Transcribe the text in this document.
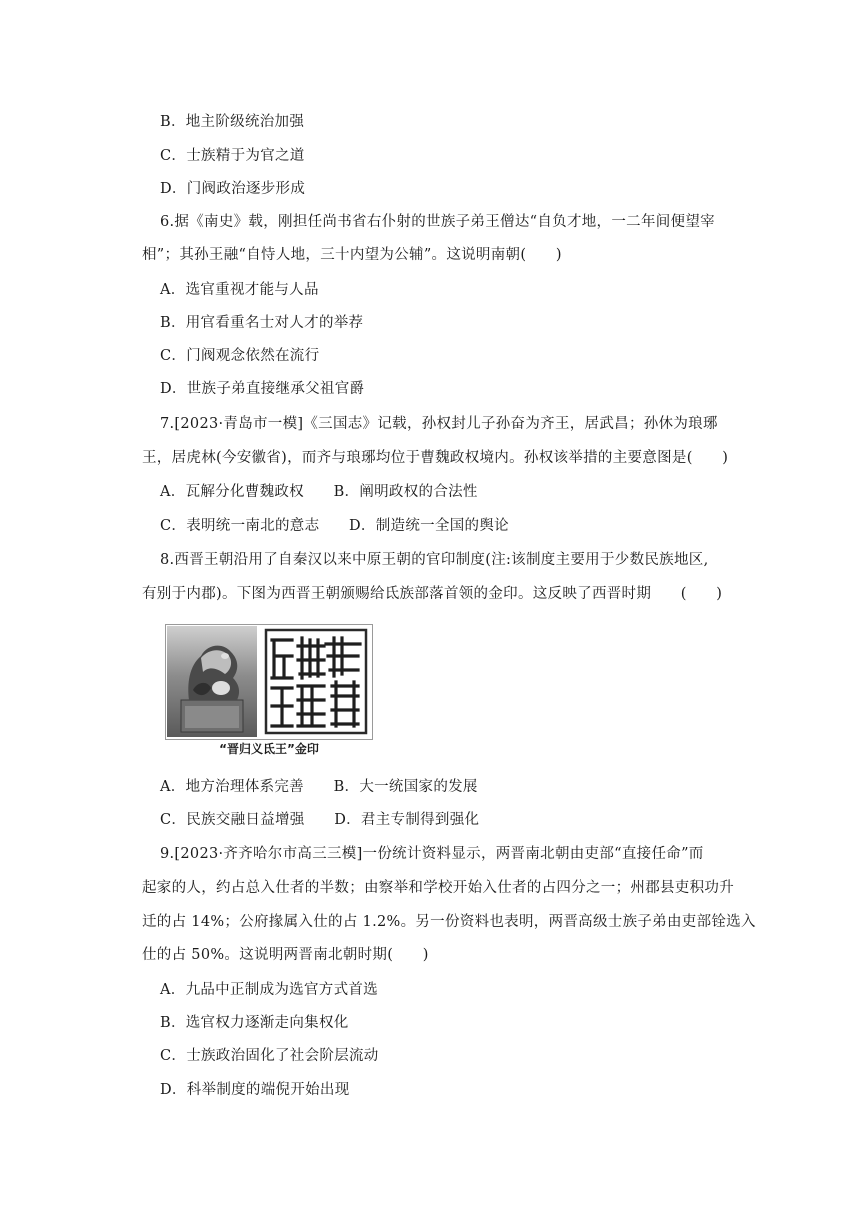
B．地主阶级统治加强
C．士族精于为官之道
D．门阀政治逐步形成
6.据《南史》载，刚担任尚书省右仆射的世族子弟王僧达“自负才地，一二年间便望宰
相”；其孙王融“自恃人地，三十内望为公辅”。这说明南朝(　　)
A．选官重视才能与人品
B．用官看重名士对人才的举荐
C．门阀观念依然在流行
D．世族子弟直接继承父祖官爵
7.[2023·青岛市一模]《三国志》记载，孙权封儿子孙奋为齐王，居武昌；孙休为琅琊
王，居虎林(今安徽省)，而齐与琅琊均位于曹魏政权境内。孙权该举措的主要意图是(　　)
A．瓦解分化曹魏政权　　B．阐明政权的合法性
C．表明统一南北的意志　　D．制造统一全国的舆论
8.西晋王朝沿用了自秦汉以来中原王朝的官印制度(注:该制度主要用于少数民族地区,
有别于内郡)。下图为西晋王朝颁赐给氐族部落首领的金印。这反映了西晋时期　　(　　)
“晋归义氐王”金印
A．地方治理体系完善　　B．大一统国家的发展
C．民族交融日益增强　　D．君主专制得到强化
9.[2023·齐齐哈尔市高三三模]一份统计资料显示，两晋南北朝由吏部“直接任命”而
起家的人，约占总入仕者的半数；由察举和学校开始入仕者的占四分之一；州郡县吏积功升
迁的占 14%；公府掾属入仕的占 1.2%。另一份资料也表明，两晋高级士族子弟由吏部铨选入
仕的占 50%。这说明两晋南北朝时期(　　)
A．九品中正制成为选官方式首选
B．选官权力逐渐走向集权化
C．士族政治固化了社会阶层流动
D．科举制度的端倪开始出现
